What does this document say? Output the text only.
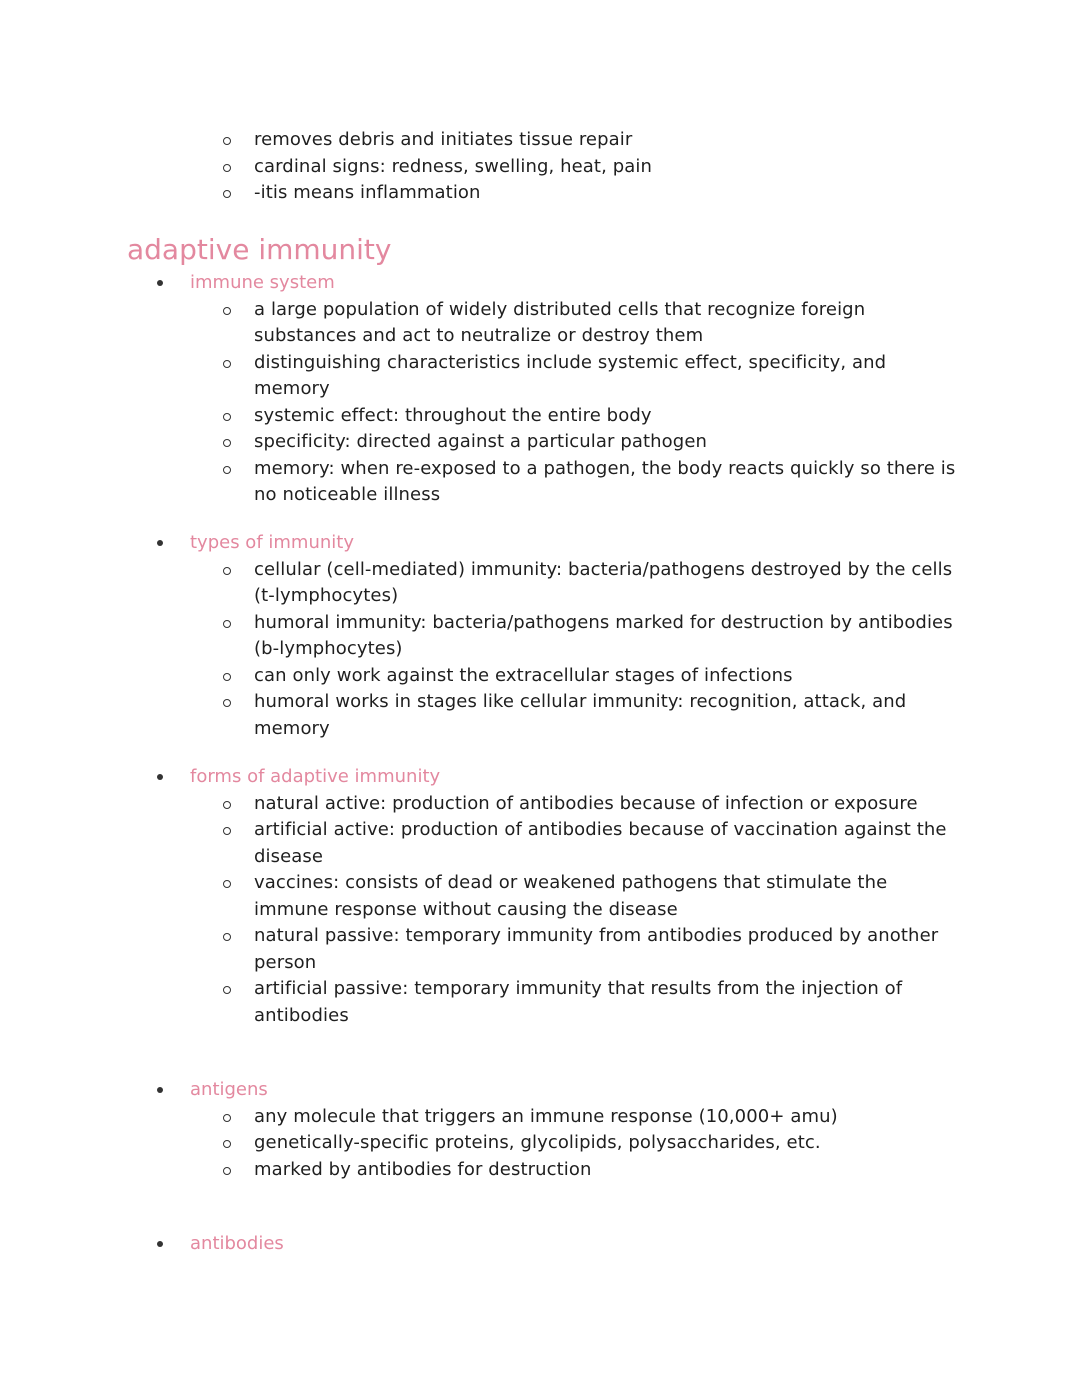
removes debris and initiates tissue repair
cardinal signs: redness, swelling, heat, pain
-itis means inflammation
adaptive immunity
immune system
a large population of widely distributed cells that recognize foreign substances and act to neutralize or destroy them
distinguishing characteristics include systemic effect, specificity, and memory
systemic effect: throughout the entire body
specificity: directed against a particular pathogen
memory: when re-exposed to a pathogen, the body reacts quickly so there is no noticeable illness
types of immunity
cellular (cell-mediated) immunity: bacteria/pathogens destroyed by the cells (t-lymphocytes)
humoral immunity: bacteria/pathogens marked for destruction by antibodies (b-lymphocytes)
can only work against the extracellular stages of infections
humoral works in stages like cellular immunity: recognition, attack, and memory
forms of adaptive immunity
natural active: production of antibodies because of infection or exposure
artificial active: production of antibodies because of vaccination against the disease
vaccines: consists of dead or weakened pathogens that stimulate the immune response without causing the disease
natural passive: temporary immunity from antibodies produced by another person
artificial passive: temporary immunity that results from the injection of antibodies
antigens
any molecule that triggers an immune response (10,000+ amu)
genetically-specific proteins, glycolipids, polysaccharides, etc.
marked by antibodies for destruction
antibodies
